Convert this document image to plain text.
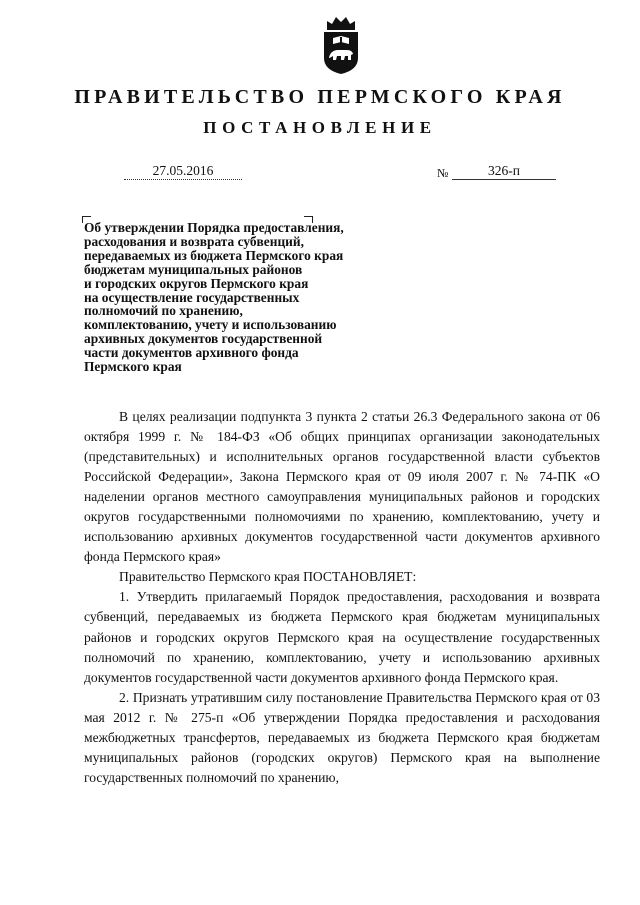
ПРАВИТЕЛЬСТВО ПЕРМСКОГО КРАЯ
ПОСТАНОВЛЕНИЕ
27.05.2016	№	326-п
Об утверждении Порядка предоставления,
расходования и возврата субвенций,
передаваемых из бюджета Пермского края
бюджетам муниципальных районов
и городских округов Пермского края
на осуществление государственных
полномочий по хранению,
комплектованию, учету и использованию
архивных документов государственной
части документов архивного фонда
Пермского края

В целях реализации подпункта 3 пункта 2 статьи 26.3 Федерального закона от 06 октября 1999 г. № 184-ФЗ «Об общих принципах организации законодательных (представительных) и исполнительных органов государственной власти субъектов Российской Федерации», Закона Пермского края от 09 июля 2007 г. № 74-ПК «О наделении органов местного самоуправления муниципальных районов и городских округов государственными полномочиями по хранению, комплектованию, учету и использованию архивных документов государственной части документов архивного фонда Пермского края»

Правительство Пермского края ПОСТАНОВЛЯЕТ:

1. Утвердить прилагаемый Порядок предоставления, расходования и возврата субвенций, передаваемых из бюджета Пермского края бюджетам муниципальных районов и городских округов Пермского края на осуществление государственных полномочий по хранению, комплектованию, учету и использованию архивных документов государственной части документов архивного фонда Пермского края.

2. Признать утратившим силу постановление Правительства Пермского края от 03 мая 2012 г. № 275-п «Об утверждении Порядка предоставления и расходования межбюджетных трансфертов, передаваемых из бюджета Пермского края бюджетам муниципальных районов (городских округов) Пермского края на выполнение государственных полномочий по хранению,
